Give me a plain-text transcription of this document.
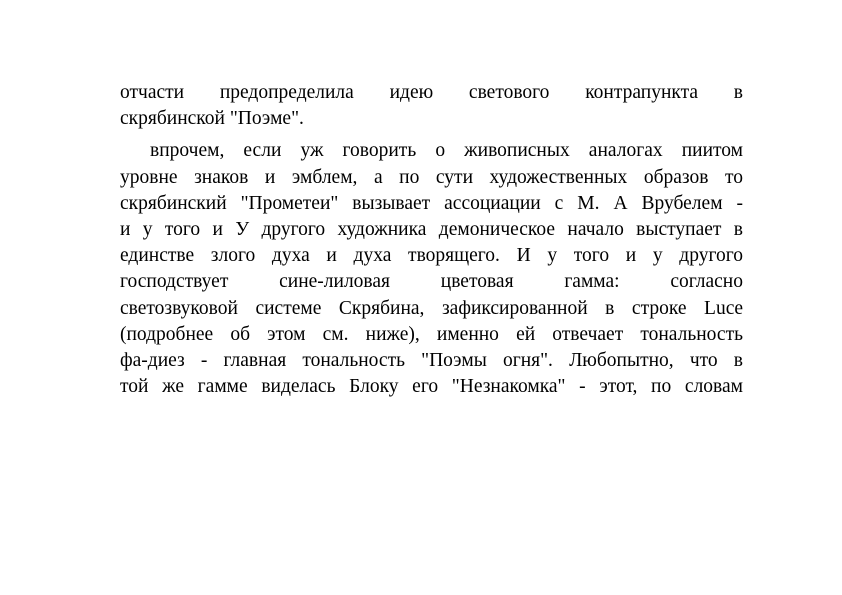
отчасти предопределила идею светового контрапункта в
скрябинской "Поэме".
впрочем, если уж говорить о живописных аналогах пиитом
уровне знаков и эмблем, а по сути художественных образов то
скрябинский "Прометеи" вызывает ассоциации с М. А Врубелем -
и у того и У другого художника демоническое начало выступает в
единстве злого духа и духа творящего. И у того и у другого
господствует сине-лиловая цветовая гамма: согласно
светозвуковой системе Скрябина, зафиксированной в строке Luce
(подробнее об этом см. ниже), именно ей отвечает тональность
фа-диез - главная тональность "Поэмы огня". Любопытно, что в
той же гамме виделась Блоку его "Незнакомка" - этот, по словам
